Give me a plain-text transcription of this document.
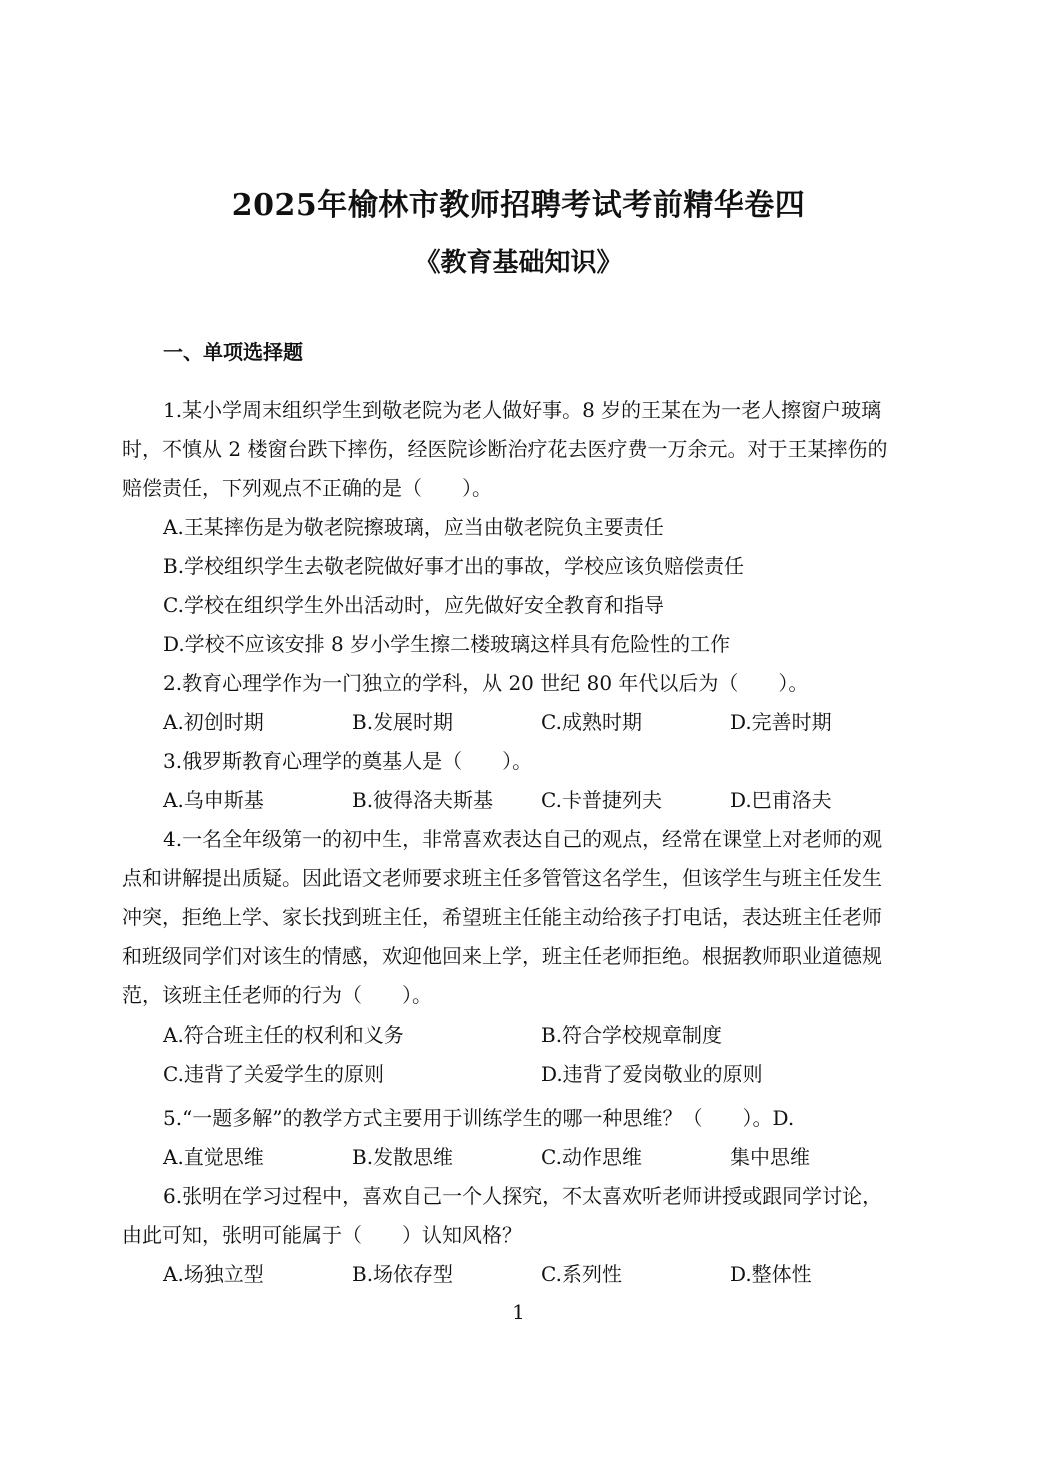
2025年榆林市教师招聘考试考前精华卷四
《教育基础知识》
一、单项选择题
1.某小学周末组织学生到敬老院为老人做好事。8 岁的王某在为一老人擦窗户玻璃
时，不慎从 2 楼窗台跌下摔伤，经医院诊断治疗花去医疗费一万余元。对于王某摔伤的
赔偿责任，下列观点不正确的是（　　）。
A.王某摔伤是为敬老院擦玻璃，应当由敬老院负主要责任
B.学校组织学生去敬老院做好事才出的事故，学校应该负赔偿责任
C.学校在组织学生外出活动时，应先做好安全教育和指导
D.学校不应该安排 8 岁小学生擦二楼玻璃这样具有危险性的工作
2.教育心理学作为一门独立的学科，从 20 世纪 80 年代以后为（　　）。
A.初创时期	B.发展时期	C.成熟时期	D.完善时期
3.俄罗斯教育心理学的奠基人是（　　）。
A.乌申斯基	B.彼得洛夫斯基 C.卡普捷列夫	D.巴甫洛夫
4.一名全年级第一的初中生，非常喜欢表达自己的观点，经常在课堂上对老师的观
点和讲解提出质疑。因此语文老师要求班主任多管管这名学生，但该学生与班主任发生
冲突，拒绝上学、家长找到班主任，希望班主任能主动给孩子打电话，表达班主任老师
和班级同学们对该生的情感，欢迎他回来上学，班主任老师拒绝。根据教师职业道德规
范，该班主任老师的行为（　　）。
A.符合班主任的权利和义务	B.符合学校规章制度
C.违背了关爱学生的原则	D.违背了爱岗敬业的原则
5.“一题多解”的教学方式主要用于训练学生的哪一种思维？（　　）。D.
A.直觉思维	B.发散思维	C.动作思维	集中思维
6.张明在学习过程中，喜欢自己一个人探究，不太喜欢听老师讲授或跟同学讨论，
由此可知，张明可能属于（　　）认知风格？
A.场独立型	B.场依存型	C.系列性	D.整体性
1
